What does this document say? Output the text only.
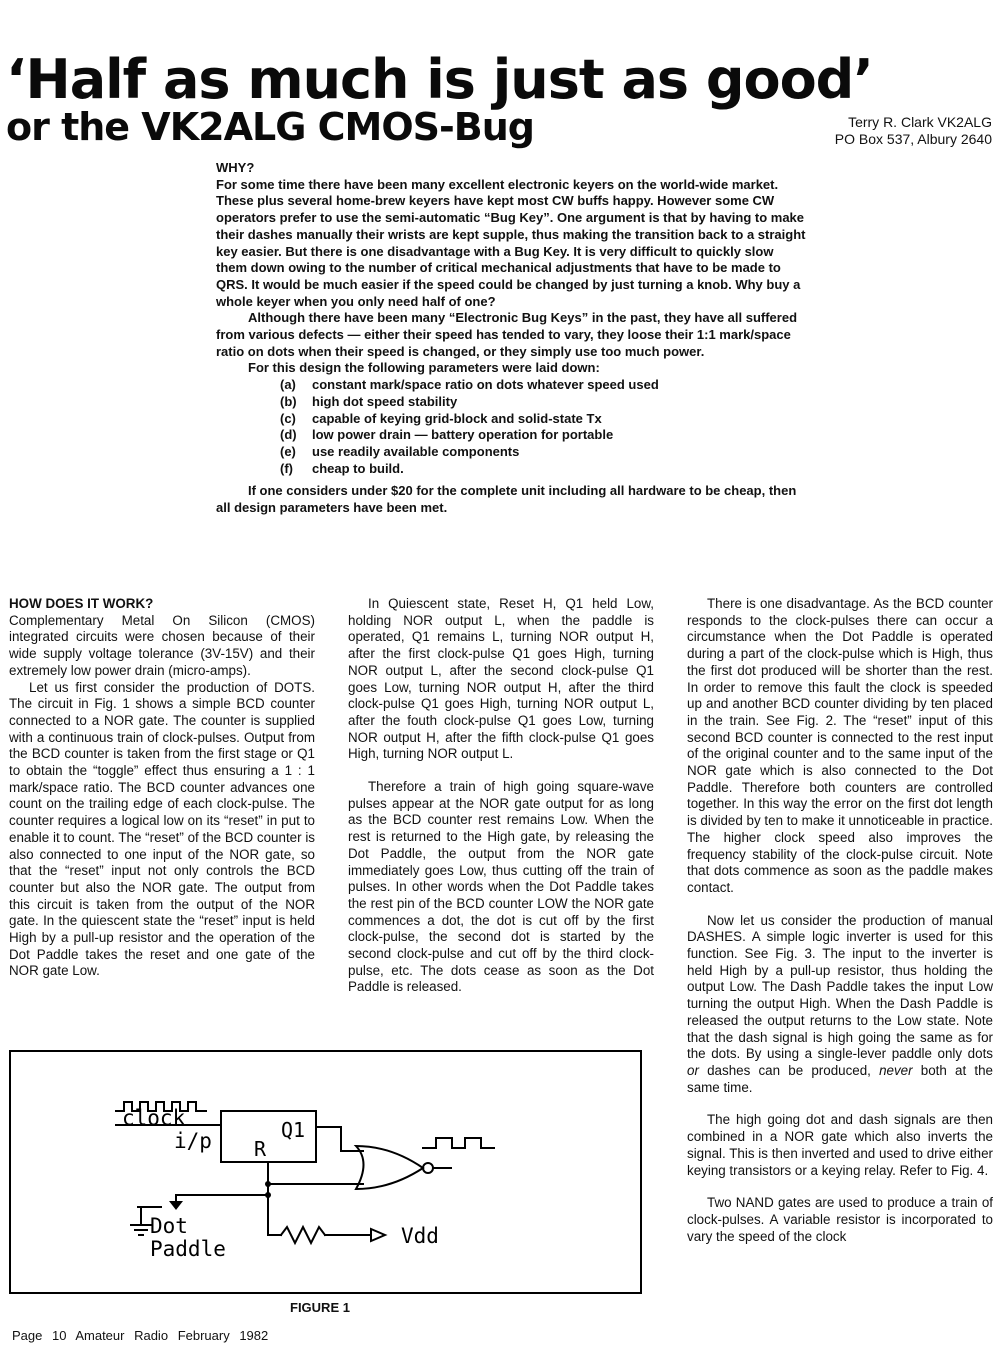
‘Half as much is just as good’
or the VK2ALG CMOS-Bug	Terry R. Clark VK2ALG
PO Box 537, Albury 2640

WHY?

For some time there have been many excellent electronic keyers on the world-wide market. These plus several home-brew keyers have kept most CW buffs happy. However some CW operators prefer to use the semi-automatic “Bug Key”. One argument is that by having to make their dashes manually their wrists are kept supple, thus making the transition back to a straight key easier. But there is one disadvantage with a Bug Key. It is very difficult to quickly slow them down owing to the number of critical mechanical adjustments that have to be made to QRS. It would be much easier if the speed could be changed by just turning a knob. Why buy a whole keyer when you only need half of one?

Although there have been many “Electronic Bug Keys” in the past, they have all suffered from various defects — either their speed has tended to vary, they loose their 1:1 mark/space ratio on dots when their speed is changed, or they simply use too much power.

For this design the following parameters were laid down:

(a) constant mark/space ratio on dots whatever speed used
(b) high dot speed stability
(c) capable of keying grid-block and solid-state Tx
(d) low power drain — battery operation for portable
(e) use readily available components
(f) cheap to build.

If one considers under $20 for the complete unit including all hardware to be cheap, then all design parameters have been met.

HOW DOES IT WORK?

Complementary Metal On Silicon (CMOS) integrated circuits were chosen because of their wide supply voltage tolerance (3V-15V) and their extremely low power drain (micro-amps).

Let us first consider the production of DOTS. The circuit in Fig. 1 shows a simple BCD counter connected to a NOR gate. The counter is supplied with a continuous train of clock-pulses. Output from the BCD counter is taken from the first stage or Q1 to obtain the “toggle” effect thus ensuring a 1 : 1 mark/space ratio. The BCD counter advances one count on the trailing edge of each clock-pulse. The counter requires a logical low on its “reset” in put to enable it to count. The “reset” of the BCD counter is also connected to one input of the NOR gate, so that the “reset” input not only controls the BCD counter but also the NOR gate. The output from this circuit is taken from the output of the NOR gate. In the quiescent state the “reset” input is held High by a pull-up resistor and the operation of the Dot Paddle takes the reset and one gate of the NOR gate Low.

In Quiescent state, Reset H, Q1 held Low, holding NOR output L, when the paddle is operated, Q1 remains L, turning NOR output H, after the first clock-pulse Q1 goes High, turning NOR output L, after the second clock-pulse Q1 goes Low, turning NOR output H, after the third clock-pulse Q1 goes High, turning NOR output L, after the fouth clock-pulse Q1 goes Low, turning NOR output H, after the fifth clock-pulse Q1 goes High, turning NOR output L.

Therefore a train of high going square-wave pulses appear at the NOR gate output for as long as the BCD counter rest remains Low. When the rest is returned to the High gate, by releasing the Dot Paddle, the output from the NOR gate immediately goes Low, thus cutting off the train of pulses. In other words when the Dot Paddle takes the rest pin of the BCD counter LOW the NOR gate commences a dot, the dot is cut off by the first clock-pulse, the second dot is started by the second clock-pulse and cut off by the third clock-pulse, etc. The dots cease as soon as the Dot Paddle is released.

There is one disadvantage. As the BCD counter responds to the clock-pulses there can occur a circumstance when the Dot Paddle is operated during a part of the clock-pulse which is High, thus the first dot produced will be shorter than the rest. In order to remove this fault the clock is speeded up and another BCD counter dividing by ten placed in the train. See Fig. 2. The “reset” input of this second BCD counter is connected to the rest input of the original counter and to the same input of the NOR gate which is also connected to the Dot Paddle. Therefore both counters are controlled together. In this way the error on the first dot length is divided by ten to make it unnoticeable in practice. The higher clock speed also improves the frequency stability of the clock-pulse circuit. Note that dots commence as soon as the paddle makes contact.

Now let us consider the production of manual DASHES. A simple logic inverter is used for this function. See Fig. 3. The input to the inverter is held High by a pull-up resistor, thus holding the output Low. The Dash Paddle takes the input Low turning the output High. When the Dash Paddle is released the output returns to the Low state. Note that the dash signal is high going the same as for the dots. By using a single-lever paddle only dots or dashes can be produced, never both at the same time.

The high going dot and dash signals are then combined in a NOR gate which also inverts the signal. This is then inverted and used to drive either keying transistors or a keying relay. Refer to Fig. 4.

Two NAND gates are used to produce a train of clock-pulses. A variable resistor is incorporated to vary the speed of the clock

clock
i/p	Q1
R
Dot
Paddle
Vdd
FIGURE 1
Page 10 Amateur Radio February 1982
